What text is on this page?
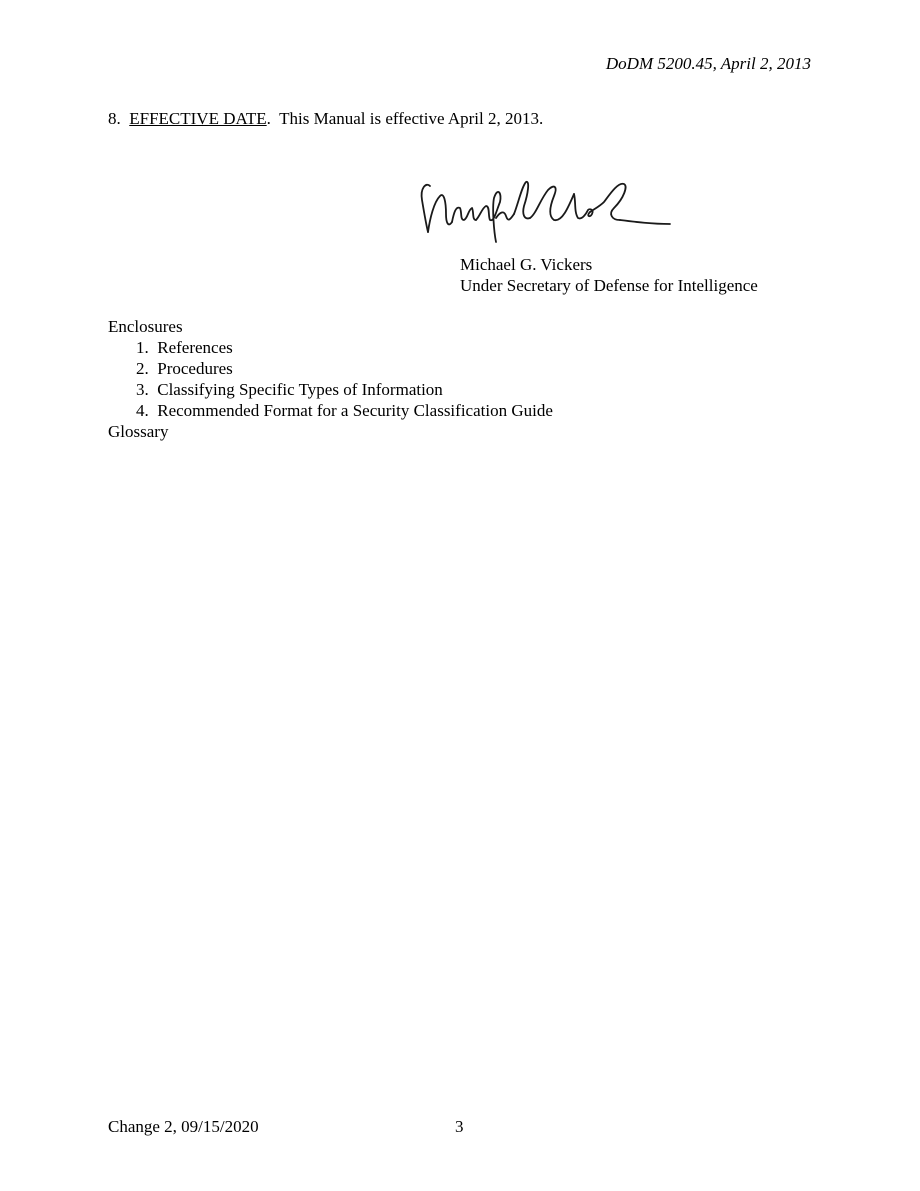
DoDM 5200.45, April 2, 2013
8. EFFECTIVE DATE.  This Manual is effective April 2, 2013.
Michael G. Vickers
Under Secretary of Defense for Intelligence
Enclosures
1. References
2. Procedures
3. Classifying Specific Types of Information
4. Recommended Format for a Security Classification Guide
Glossary
Change 2, 09/15/2020	3
